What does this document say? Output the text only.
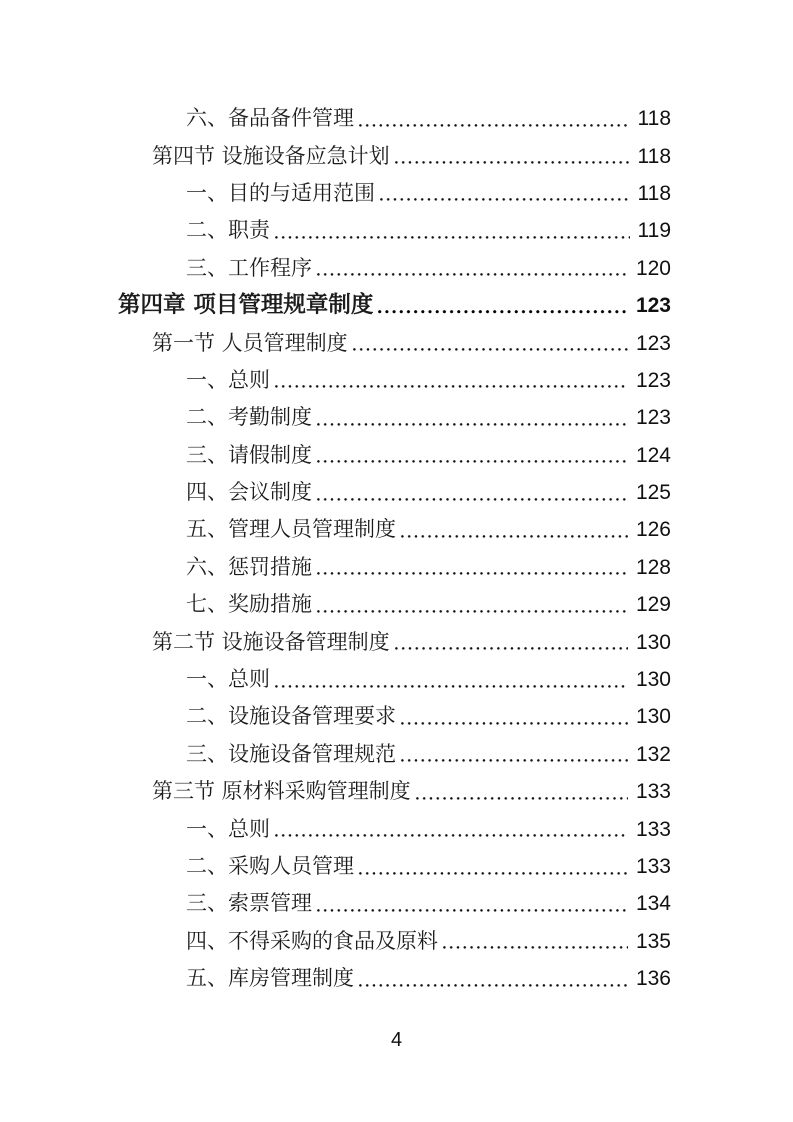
六、备品备件管理	118
第四节 设施设备应急计划	118
一、目的与适用范围	118
二、职责	119
三、工作程序	120
第四章 项目管理规章制度	123
第一节 人员管理制度	123
一、总则	123
二、考勤制度	123
三、请假制度	124
四、会议制度	125
五、管理人员管理制度	126
六、惩罚措施	128
七、奖励措施	129
第二节 设施设备管理制度	130
一、总则	130
二、设施设备管理要求	130
三、设施设备管理规范	132
第三节 原材料采购管理制度	133
一、总则	133
二、采购人员管理	133
三、索票管理	134
四、不得采购的食品及原料	135
五、库房管理制度	136
4
